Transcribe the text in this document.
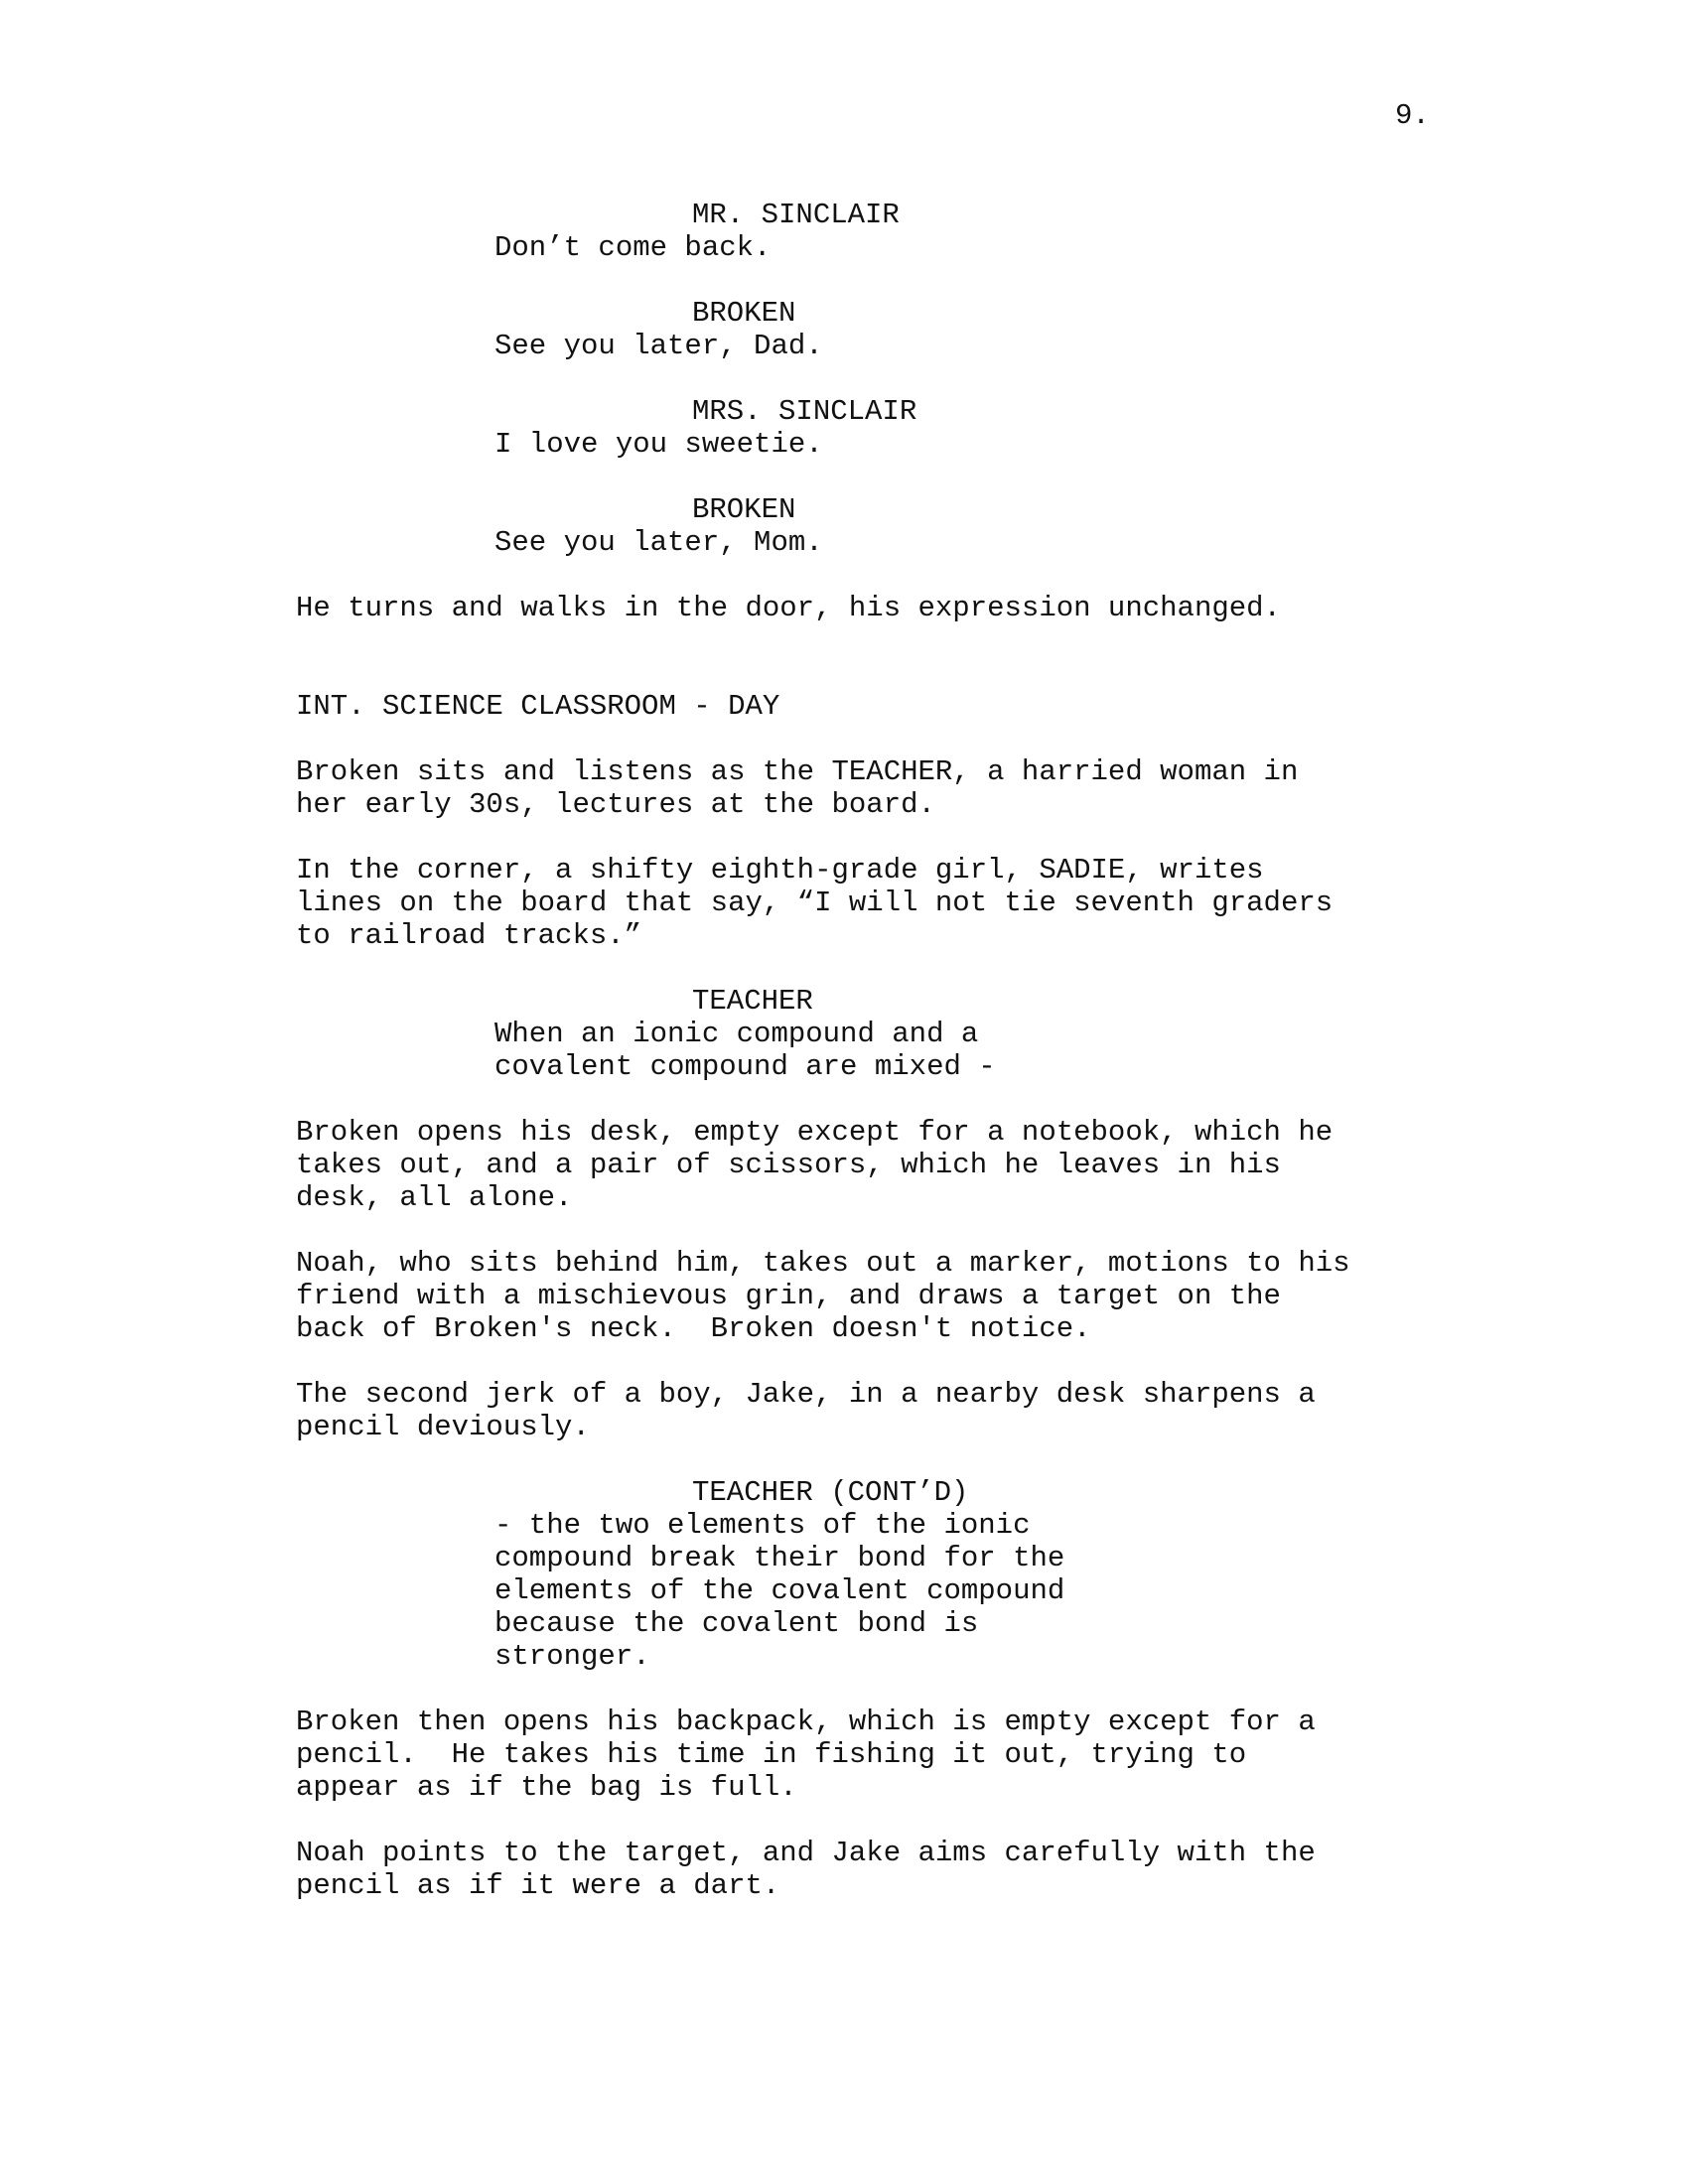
9.
MR. SINCLAIR
Don’t come back.
BROKEN
See you later, Dad.
MRS. SINCLAIR
I love you sweetie.
BROKEN
See you later, Mom.
He turns and walks in the door, his expression unchanged.
INT. SCIENCE CLASSROOM - DAY
Broken sits and listens as the TEACHER, a harried woman in
her early 30s, lectures at the board.
In the corner, a shifty eighth-grade girl, SADIE, writes
lines on the board that say, “I will not tie seventh graders
to railroad tracks.”
TEACHER
When an ionic compound and a
covalent compound are mixed -
Broken opens his desk, empty except for a notebook, which he
takes out, and a pair of scissors, which he leaves in his
desk, all alone.
Noah, who sits behind him, takes out a marker, motions to his
friend with a mischievous grin, and draws a target on the
back of Broken's neck.  Broken doesn't notice.
The second jerk of a boy, Jake, in a nearby desk sharpens a
pencil deviously.
TEACHER (CONT’D)
- the two elements of the ionic
compound break their bond for the
elements of the covalent compound
because the covalent bond is
stronger.
Broken then opens his backpack, which is empty except for a
pencil.  He takes his time in fishing it out, trying to
appear as if the bag is full.
Noah points to the target, and Jake aims carefully with the
pencil as if it were a dart.
